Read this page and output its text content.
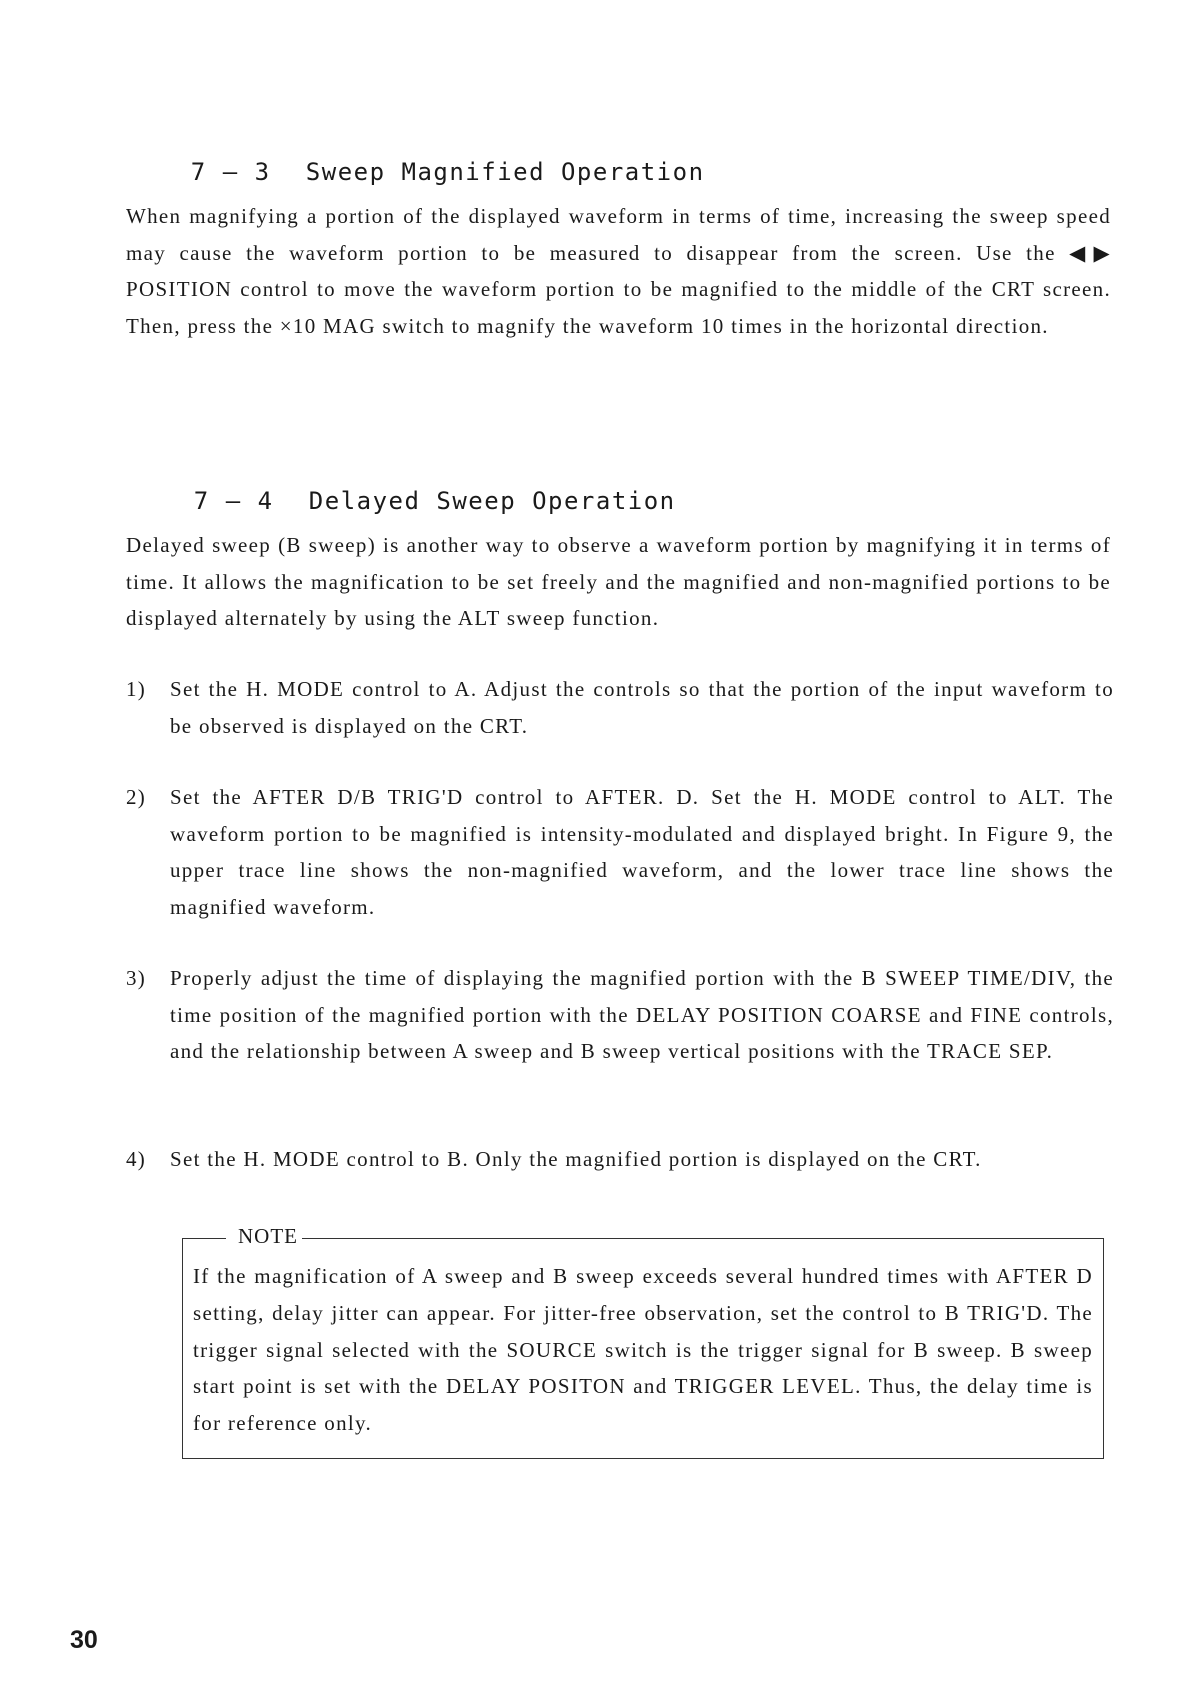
7 — 3 Sweep Magnified Operation

When magnifying a portion of the displayed waveform in terms of time, increasing the sweep speed may cause the waveform portion to be measured to disappear from the screen. Use the ◀▶ POSITION control to move the waveform portion to be magnified to the middle of the CRT screen. Then, press the ×10 MAG switch to magnify the waveform 10 times in the horizontal direction.

7 — 4 Delayed Sweep Operation

Delayed sweep (B sweep) is another way to observe a waveform portion by magnifying it in terms of time. It allows the magnification to be set freely and the magnified and non-magnified portions to be displayed alternately by using the ALT sweep function.
1)	Set the H. MODE control to A. Adjust the controls so that the portion of the input waveform to be observed is displayed on the CRT.
2)	Set the AFTER D/B TRIG'D control to AFTER. D. Set the H. MODE control to ALT. The waveform portion to be magnified is intensity-modulated and displayed bright. In Figure 9, the upper trace line shows the non-magnified waveform, and the lower trace line shows the magnified waveform.
3)	Properly adjust the time of displaying the magnified portion with the B SWEEP TIME/DIV, the time position of the magnified portion with the DELAY POSITION COARSE and FINE controls, and the relationship between A sweep and B sweep vertical positions with the TRACE SEP.
4)	Set the H. MODE control to B. Only the magnified portion is displayed on the CRT.
NOTE
If the magnification of A sweep and B sweep exceeds several hundred times with AFTER D setting, delay jitter can appear. For jitter-free observation, set the control to B TRIG'D. The trigger signal selected with the SOURCE switch is the trigger signal for B sweep. B sweep start point is set with the DELAY POSITON and TRIGGER LEVEL. Thus, the delay time is for reference only.
30
